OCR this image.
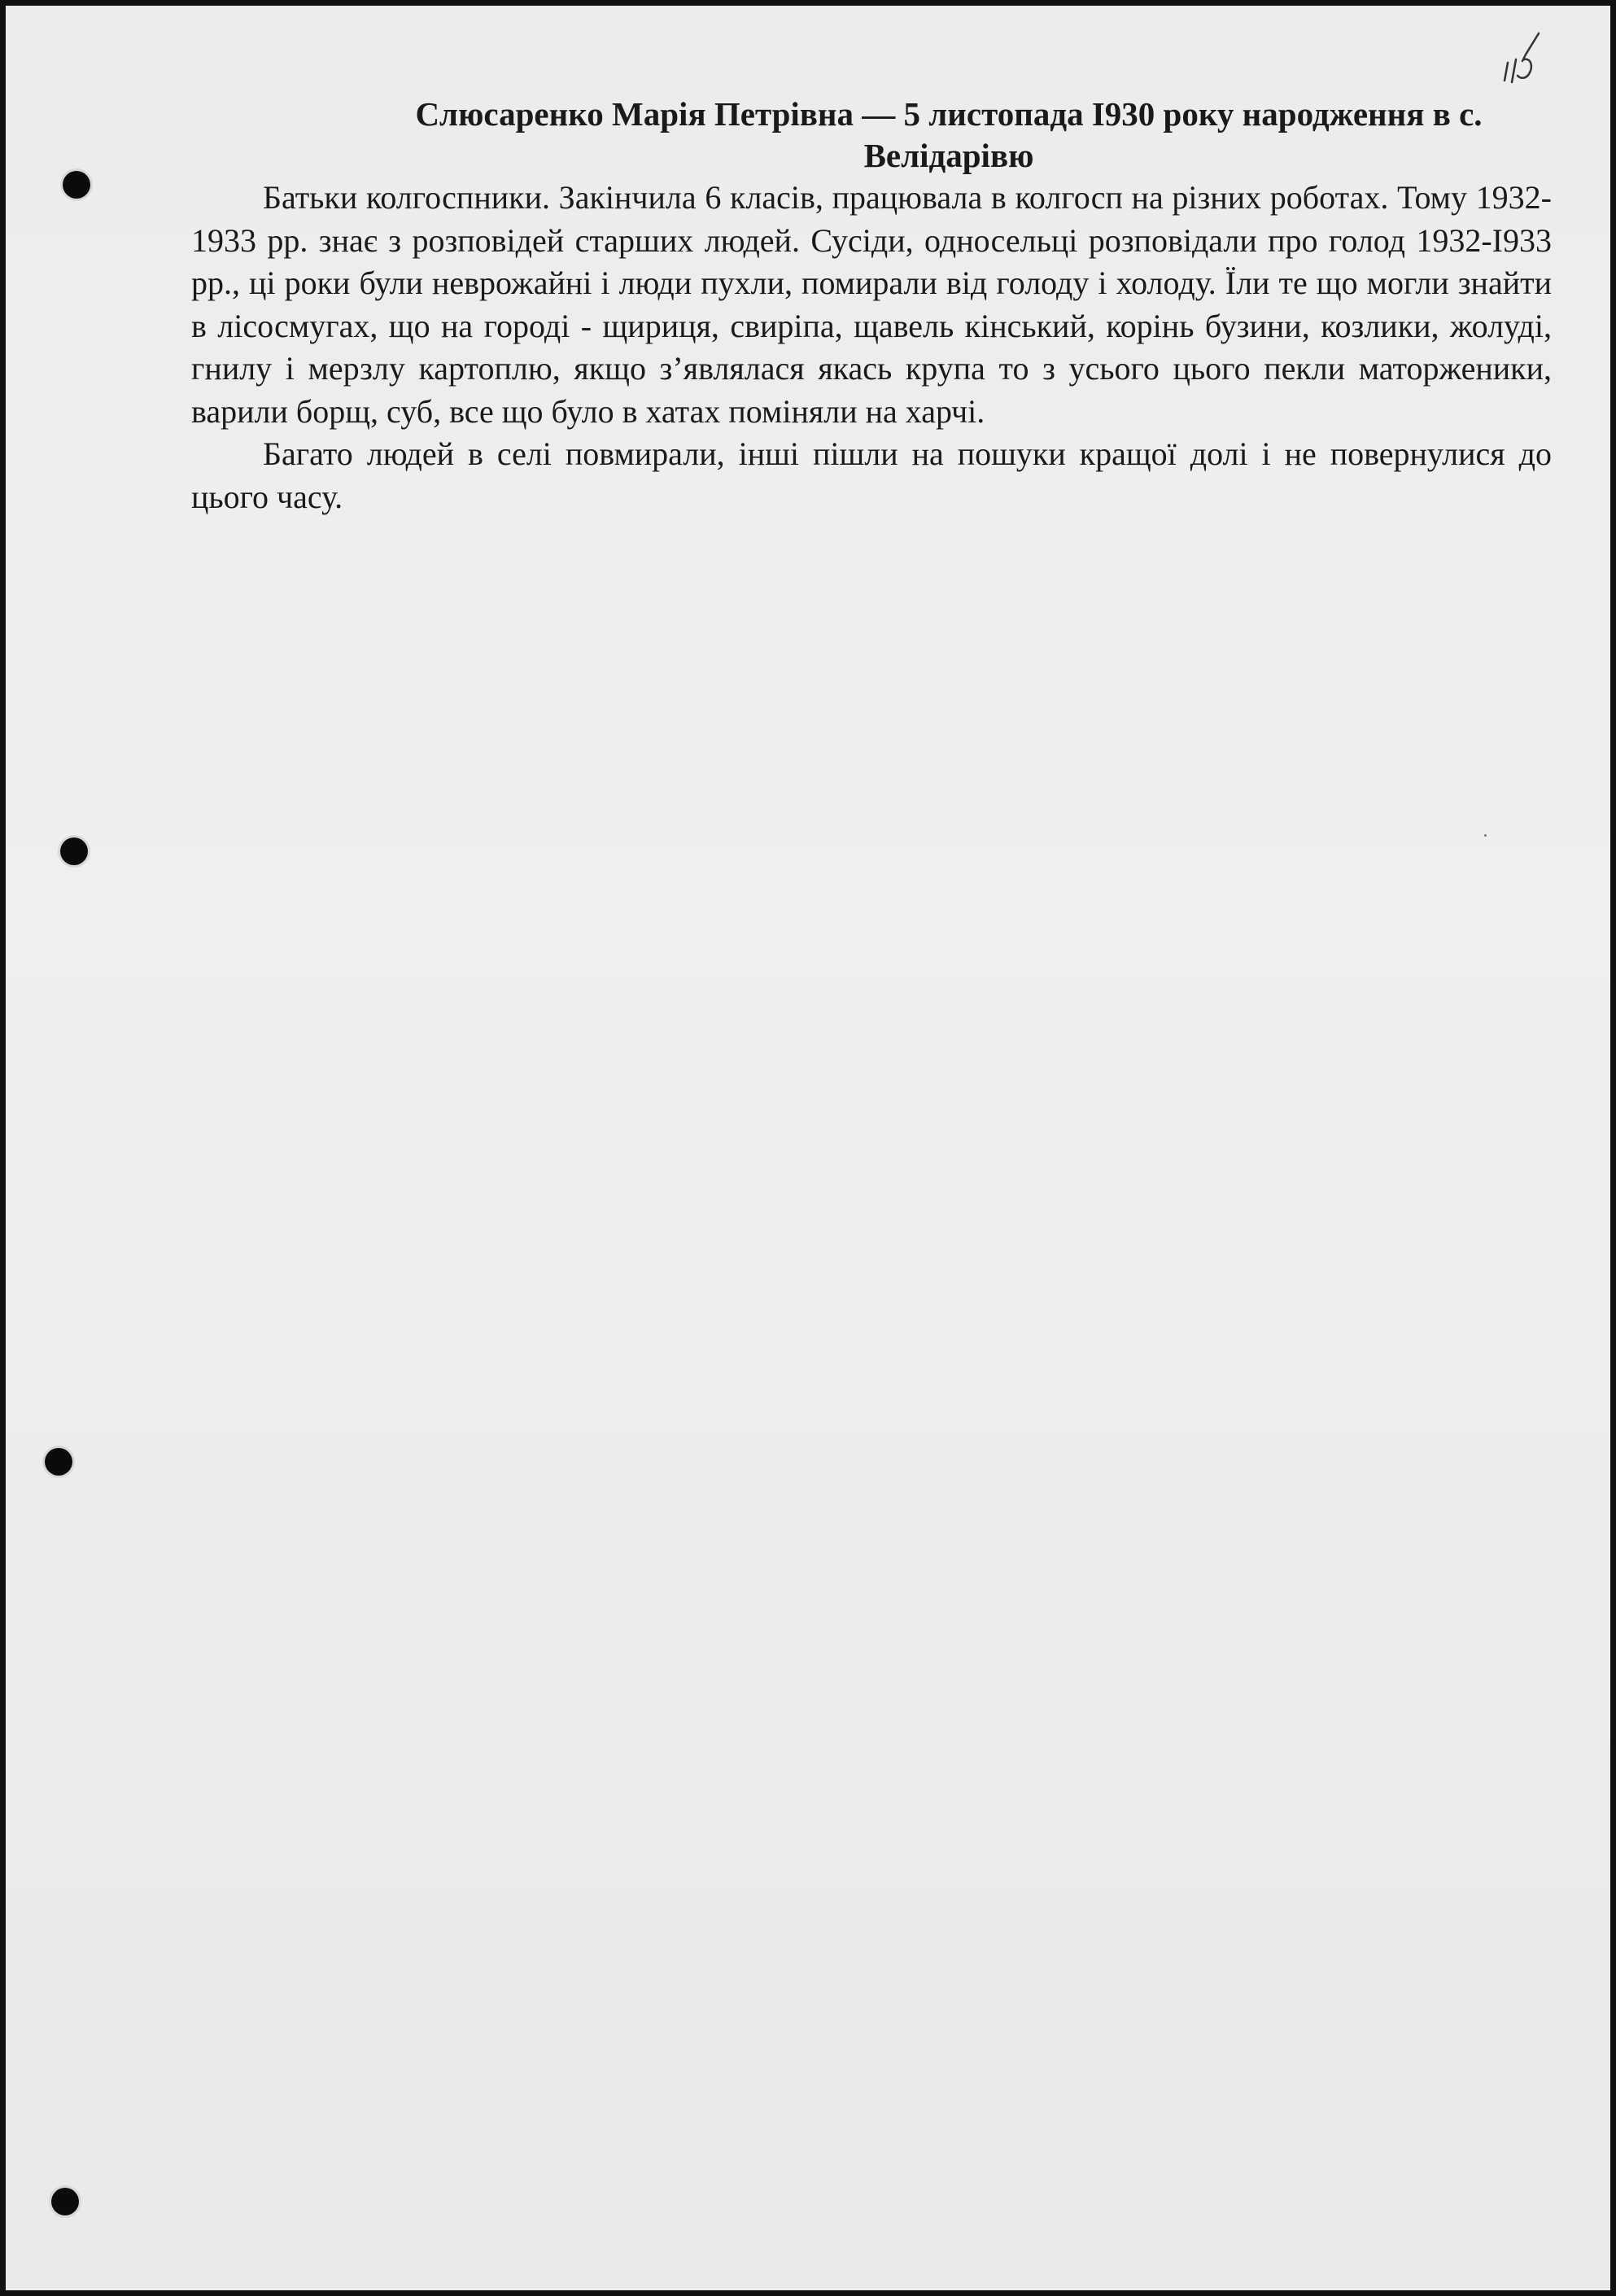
Слюсаренко Марія Петрівна — 5 листопада І930 року народження в с.
Велідарівю

Батьки колгоспники. Закінчила 6 класів, працювала в колгосп на різних роботах. Тому 1932-1933 рр. знає з розповідей старших людей. Сусіди, односельці розповідали про голод 1932-І933 рр., ці роки були неврожайні і люди пухли, помирали від голоду і холоду. Їли те що могли знайти в лісосмугах, що на городі - щириця, свиріпа, щавель кінський, корінь бузини, козлики, жолуді, гнилу і мерзлу картоплю, якщо з’являлася якась крупа то з усього цього пекли маторженики, варили борщ, суб, все що було в хатах поміняли на харчі.

Багато людей в селі повмирали, інші пішли на пошуки кращої долі і не повернулися до цього часу.
